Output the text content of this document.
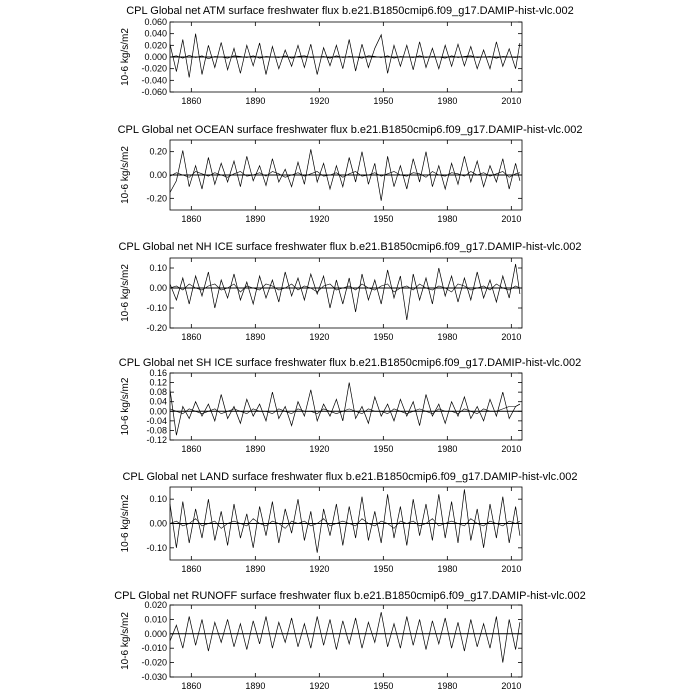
CPL Global net ATM surface freshwater flux b.e21.B1850cmip6.f09_g17.DAMIP-hist-vlc.002
-0.060
-0.040
-0.020
0.000
0.020
0.040
0.060
1860	1890	1920	1950	1980	2010
10-6 kg/s/m2
CPL Global net OCEAN surface freshwater flux b.e21.B1850cmip6.f09_g17.DAMIP-hist-vlc.002
-0.20
0.00
0.20
1860	1890	1920	1950	1980	2010
10-6 kg/s/m2
CPL Global net NH ICE surface freshwater flux b.e21.B1850cmip6.f09_g17.DAMIP-hist-vlc.002
-0.20
-0.10
0.00
0.10
1860	1890	1920	1950	1980	2010
10-6 kg/s/m2
CPL Global net SH ICE surface freshwater flux b.e21.B1850cmip6.f09_g17.DAMIP-hist-vlc.002
-0.12
-0.08
-0.04
0.00
0.04
0.08
0.12
0.16
1860	1890	1920	1950	1980	2010
10-6 kg/s/m2
CPL Global net LAND surface freshwater flux b.e21.B1850cmip6.f09_g17.DAMIP-hist-vlc.002
-0.10
0.00
0.10
1860	1890	1920	1950	1980	2010
10-6 kg/s/m2
CPL Global net RUNOFF surface freshwater flux b.e21.B1850cmip6.f09_g17.DAMIP-hist-vlc.002
-0.030
-0.020
-0.010
0.000
0.010
0.020
1860	1890	1920	1950	1980	2010
10-6 kg/s/m2
